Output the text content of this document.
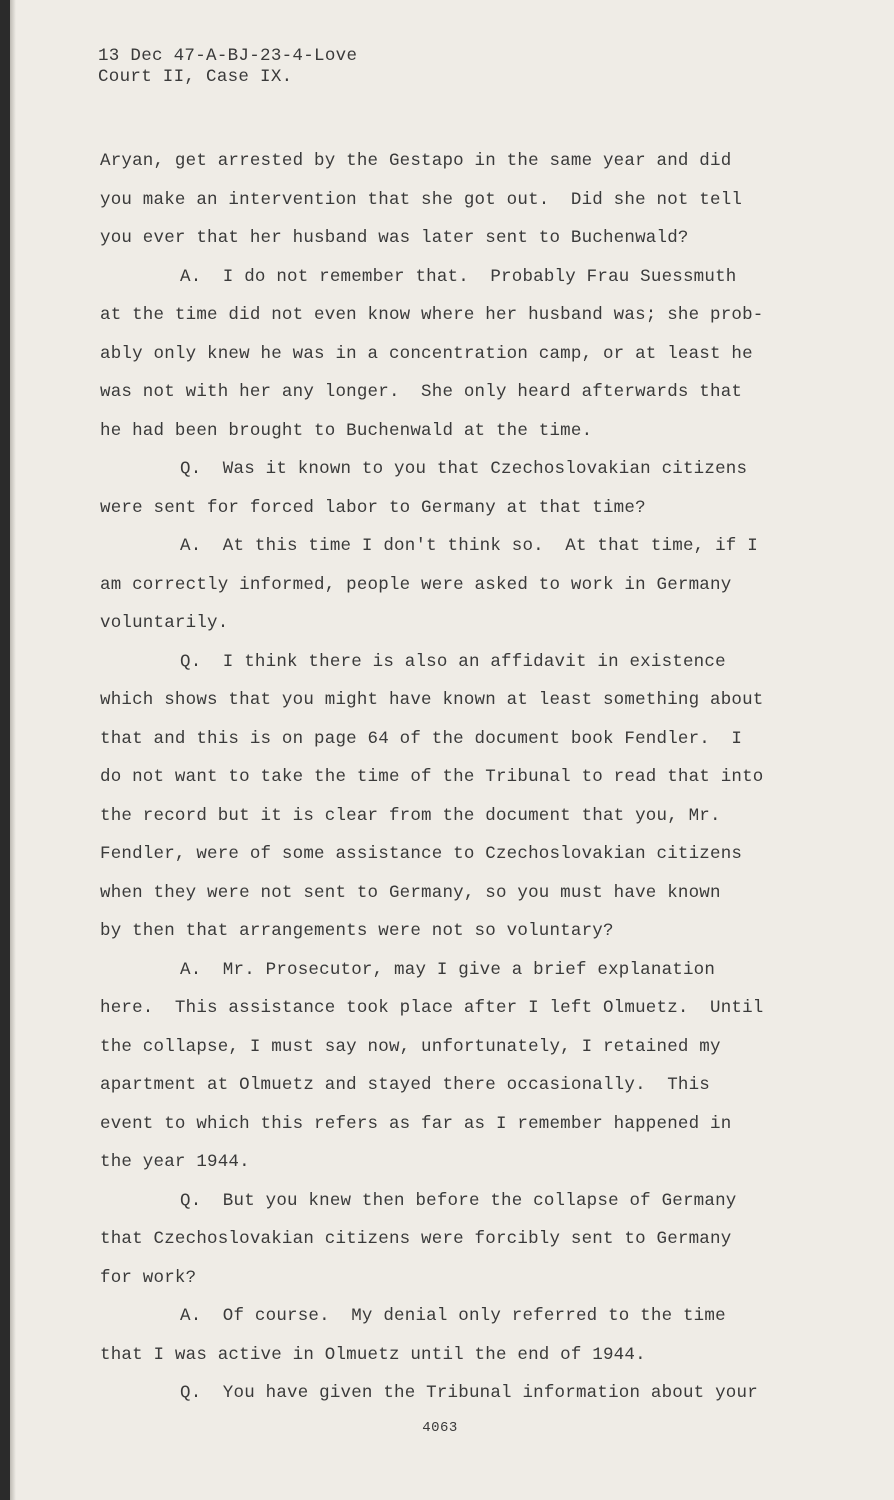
13 Dec 47-A-BJ-23-4-Love
Court II, Case IX.
Aryan, get arrested by the Gestapo in the same year and did
you make an intervention that she got out.  Did she not tell
you ever that her husband was later sent to Buchenwald?
A.  I do not remember that.  Probably Frau Suessmuth
at the time did not even know where her husband was; she prob-
ably only knew he was in a concentration camp, or at least he
was not with her any longer.  She only heard afterwards that
he had been brought to Buchenwald at the time.
Q.  Was it known to you that Czechoslovakian citizens
were sent for forced labor to Germany at that time?
A.  At this time I don't think so.  At that time, if I
am correctly informed, people were asked to work in Germany
voluntarily.
Q.  I think there is also an affidavit in existence
which shows that you might have known at least something about
that and this is on page 64 of the document book Fendler.  I
do not want to take the time of the Tribunal to read that into
the record but it is clear from the document that you, Mr.
Fendler, were of some assistance to Czechoslovakian citizens
when they were not sent to Germany, so you must have known
by then that arrangements were not so voluntary?
A.  Mr. Prosecutor, may I give a brief explanation
here.  This assistance took place after I left Olmuetz.  Until
the collapse, I must say now, unfortunately, I retained my
apartment at Olmuetz and stayed there occasionally.  This
event to which this refers as far as I remember happened in
the year 1944.
Q.  But you knew then before the collapse of Germany
that Czechoslovakian citizens were forcibly sent to Germany
for work?
A.  Of course.  My denial only referred to the time
that I was active in Olmuetz until the end of 1944.
Q.  You have given the Tribunal information about your
4063
